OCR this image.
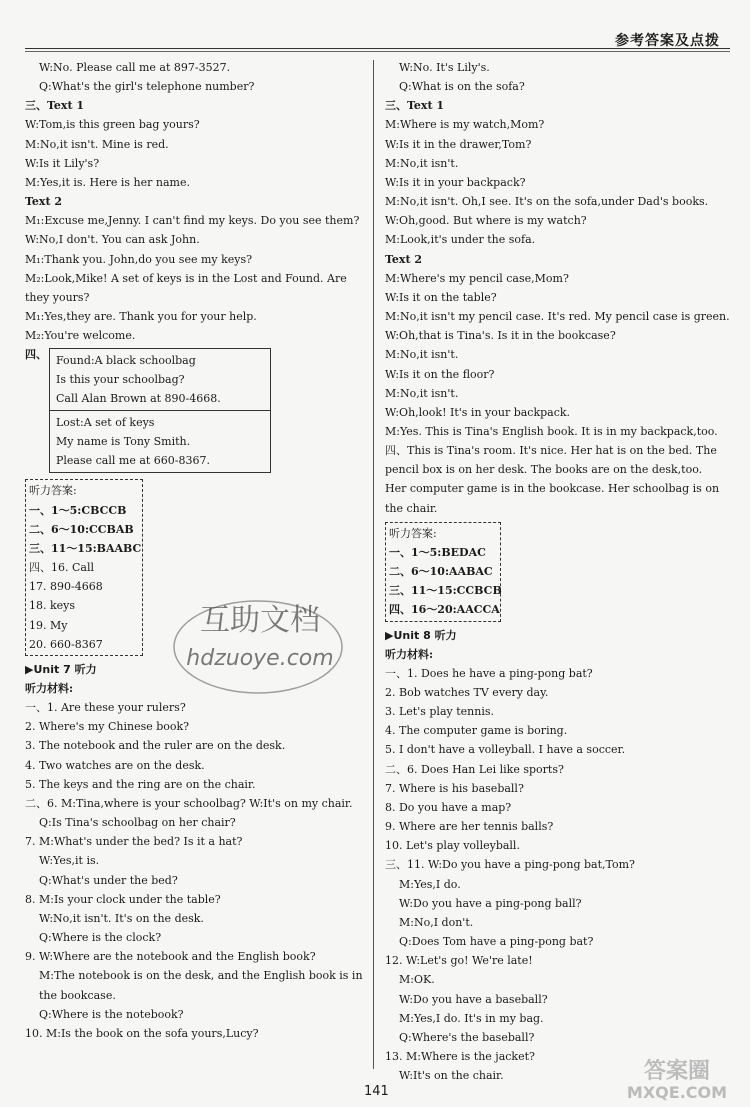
参考答案及点拨
W:No. Please call me at 897-3527.
Q:What's the girl's telephone number?
三、Text 1
W:Tom,is this green bag yours?
M:No,it isn't. Mine is red.
W:Is it Lily's?
M:Yes,it is. Here is her name.
Text 2
M₁:Excuse me,Jenny. I can't find my keys. Do you see them?
W:No,I don't. You can ask John.
M₁:Thank you. John,do you see my keys?
M₂:Look,Mike! A set of keys is in the Lost and Found. Are they yours?
M₁:Yes,they are. Thank you for your help.
M₂:You're welcome.
四、 Found:A black schoolbag
Is this your schoolbag?
Call Alan Brown at 890-4668.
Lost:A set of keys
My name is Tony Smith.
Please call me at 660-8367.
听力答案:
一、1～5:CBCCB
二、6～10:CCBAB
三、11～15:BAABC
四、16. Call
17. 890-4668
18. keys
19. My
20. 660-8367
▶Unit 7 听力
听力材料:
一、1. Are these your rulers?
2. Where's my Chinese book?
3. The notebook and the ruler are on the desk.
4. Two watches are on the desk.
5. The keys and the ring are on the chair.
二、6. M:Tina,where is your schoolbag? W:It's on my chair.
Q:Is Tina's schoolbag on her chair?
7. M:What's under the bed? Is it a hat?
W:Yes,it is.
Q:What's under the bed?
8. M:Is your clock under the table?
W:No,it isn't. It's on the desk.
Q:Where is the clock?
9. W:Where are the notebook and the English book?
M:The notebook is on the desk, and the English book is in the bookcase.
Q:Where is the notebook?
10. M:Is the book on the sofa yours,Lucy?
W:No. It's Lily's.
Q:What is on the sofa?
三、Text 1
M:Where is my watch,Mom?
W:Is it in the drawer,Tom?
M:No,it isn't.
W:Is it in your backpack?
M:No,it isn't. Oh,I see. It's on the sofa,under Dad's books.
W:Oh,good. But where is my watch?
M:Look,it's under the sofa.
Text 2
M:Where's my pencil case,Mom?
W:Is it on the table?
M:No,it isn't my pencil case. It's red. My pencil case is green.
W:Oh,that is Tina's. Is it in the bookcase?
M:No,it isn't.
W:Is it on the floor?
M:No,it isn't.
W:Oh,look! It's in your backpack.
M:Yes. This is Tina's English book. It is in my backpack,too.
四、This is Tina's room. It's nice. Her hat is on the bed. The pencil box is on her desk. The books are on the desk,too. Her computer game is in the bookcase. Her schoolbag is on the chair.
听力答案:
一、1～5:BEDAC
二、6～10:AABAC
三、11～15:CCBCB
四、16～20:AACCA
▶Unit 8 听力
听力材料:
一、1. Does he have a ping-pong bat?
2. Bob watches TV every day.
3. Let's play tennis.
4. The computer game is boring.
5. I don't have a volleyball. I have a soccer.
二、6. Does Han Lei like sports?
7. Where is his baseball?
8. Do you have a map?
9. Where are her tennis balls?
10. Let's play volleyball.
三、11. W:Do you have a ping-pong bat,Tom?
M:Yes,I do.
W:Do you have a ping-pong ball?
M:No,I don't.
Q:Does Tom have a ping-pong bat?
12. W:Let's go! We're late!
M:OK.
W:Do you have a baseball?
M:Yes,I do. It's in my bag.
Q:Where's the baseball?
13. M:Where is the jacket?
W:It's on the chair.
互助文档
hdzuoye.com
答案圈
MXQE.COM
141
